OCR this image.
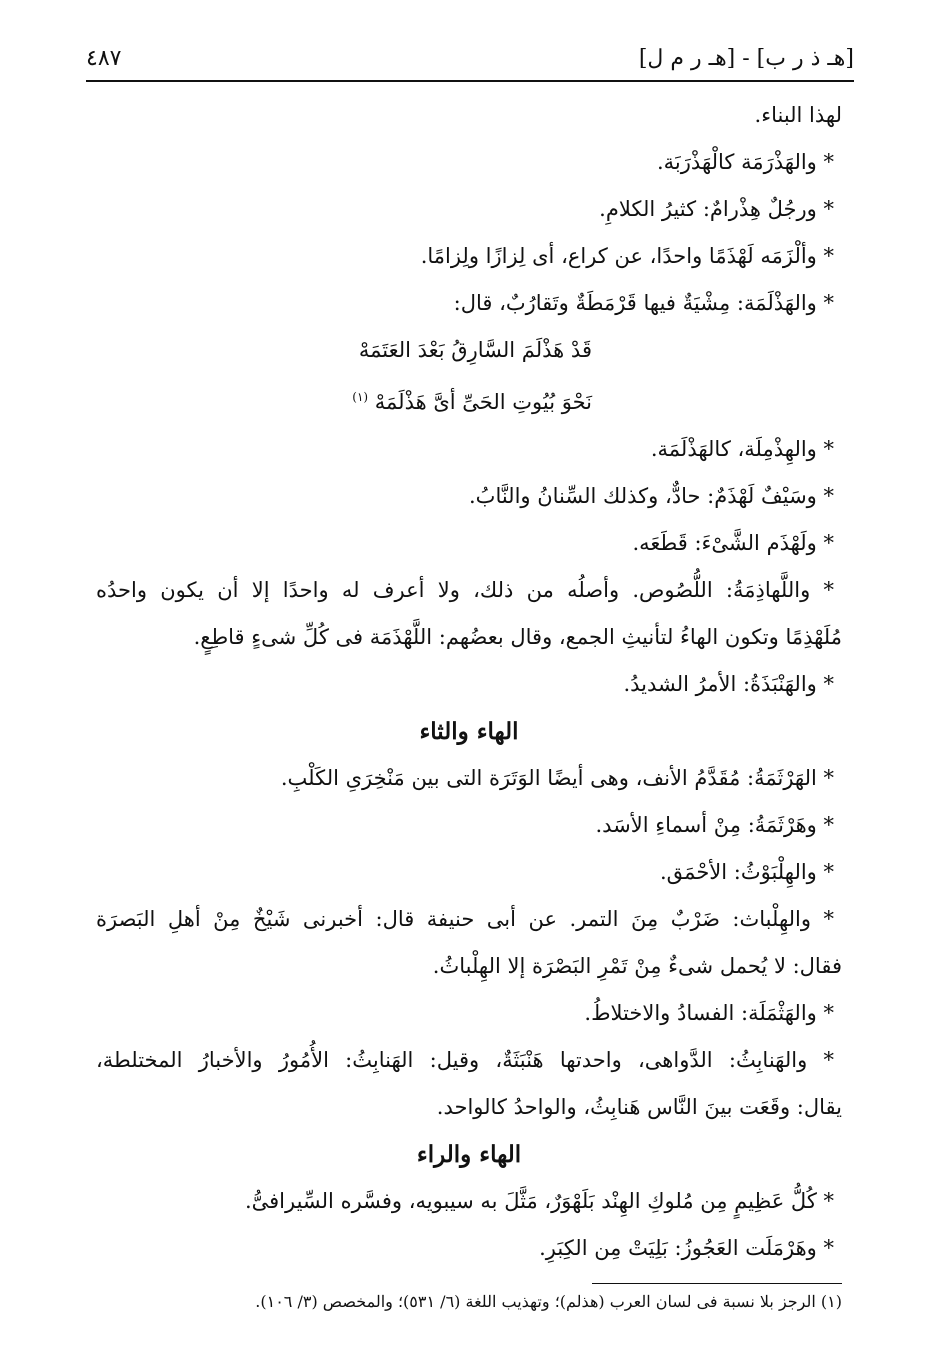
[هـ ذ ر ب] - [هـ ر م ل]
٤٨٧
لهذا البناء.
* والهَذْرَمَة كالْهَذْرَبَة.
* ورجُلٌ هِذْرامٌ: كثيرُ الكلامِ.
* وألْزَمَه لَهْذَمًا واحدًا، عن كراع، أى لِزازًا ولِزامًا.
* والهَذْلَمَة: مِشْيَةٌ فيها قَرْمَطَةٌ وتَقارُبٌ، قال:
قَدْ هَذْلَمَ السَّارِقُ بَعْدَ العَتَمَهْ
نَحْوَ بُيُوتِ الحَىِّ أىَّ هَذْلَمَهْ $^{(١)}$
* والهِذْمِلَة، كالهَذْلَمَة.
* وسَيْفٌ لَهْذَمٌ: حادٌّ، وكذلك السِّنانُ والنَّابُ.
* ولَهْذَم الشَّىْءَ: قَطَعَه.
* واللَّهاذِمَةُ: اللُّصُوص. وأصلُه من ذلك، ولا أعرف له واحدًا إلا أن يكون واحدُه
مُلَهْذِمًا وتكون الهاءُ لتأنيثِ الجمع، وقال بعضُهم: اللَّهْذَمَة فى كُلِّ شىءٍ قاطِعٍ.
* والهَنْبَذَةُ: الأمرُ الشديدُ.
الهاء والثاء
* الهَرْثَمَةُ: مُقَدَّمُ الأنف، وهى أيضًا الوَتَرَة التى بين مَنْخِرَىِ الكَلْبِ.
* وهَرْثَمَةُ: مِنْ أسماءِ الأسَد.
* والهِلْبَوْثُ: الأحْمَق.
* والهِلْباث: ضَرْبٌ مِنَ التمر. عن أبى حنيفة قال: أخبرنى شَيْخٌ مِنْ أهلِ البَصرَة
فقال: لا يُحمل شىءٌ مِنْ تَمْرِ البَصْرَة إلا الهِلْباثُ.
* والهَثْمَلَة: الفسادُ والاختلاطُ.
* والهَنابِثُ: الدَّواهى، واحدتها هَنْبَثَةٌ، وقيل: الهَنابِثُ: الأُمُورُ والأخبارُ المختلطة،
يقال: وقَعَت بينَ النَّاس هَنابِثُ، والواحدُ كالواحد.
الهاء والراء
* كُلُّ عَظِيمٍ مِن مُلوكِ الهِنْد بَلَهْوَرٌ، مَثَّلَ به سيبويه، وفسَّره السِّيرافىُّ.
* وهَرْمَلَت العَجُوزُ: بَلِيَتْ مِن الكِبَرِ.
(١) الرجز بلا نسبة فى لسان العرب (هذلم)؛ وتهذيب اللغة (٦/ ٥٣١)؛ والمخصص (٣/ ١٠٦).
